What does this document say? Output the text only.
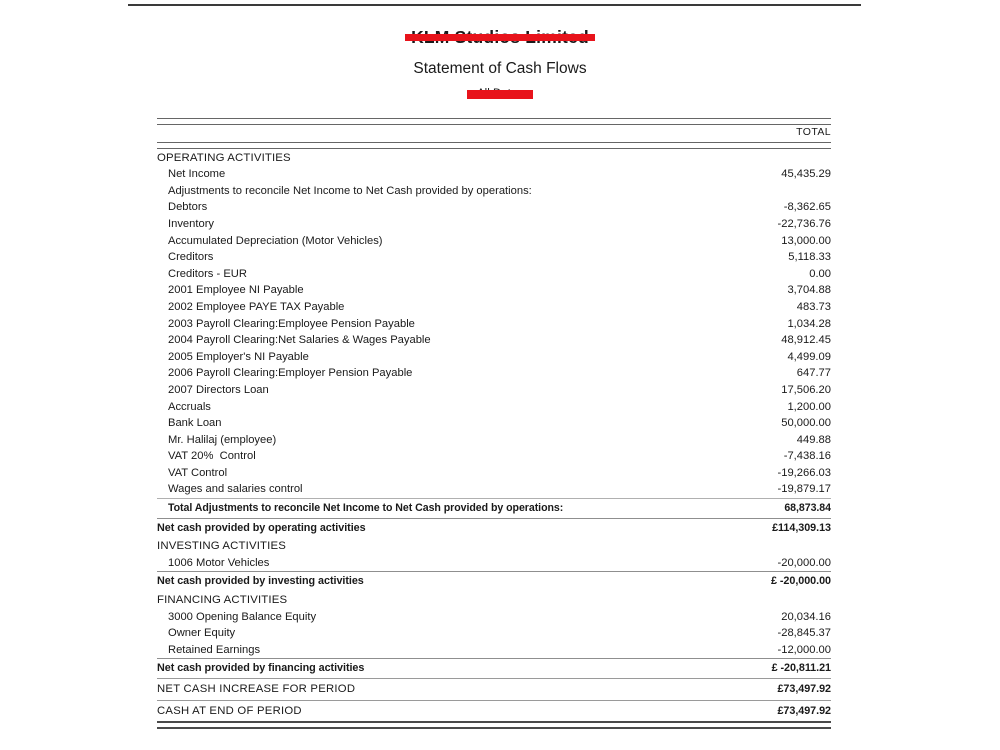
Statement of Cash Flows

	TOTAL

OPERATING ACTIVITIES	
Net Income	45,435.29
Adjustments to reconcile Net Income to Net Cash provided by operations:	
Debtors	-8,362.65
Inventory	-22,736.76
Accumulated Depreciation (Motor Vehicles)	13,000.00
Creditors	5,118.33
Creditors - EUR	0.00
2001 Employee NI Payable	3,704.88
2002 Employee PAYE TAX Payable	483.73
2003 Payroll Clearing:Employee Pension Payable	1,034.28
2004 Payroll Clearing:Net Salaries & Wages Payable	48,912.45
2005 Employer's NI Payable	4,499.09
2006 Payroll Clearing:Employer Pension Payable	647.77
2007 Directors Loan	17,506.20
Accruals	1,200.00
Bank Loan	50,000.00
Mr. Halilaj (employee)	449.88
VAT 20%  Control	-7,438.16
VAT Control	-19,266.03
Wages and salaries control	-19,879.17
Total Adjustments to reconcile Net Income to Net Cash provided by operations:	68,873.84
Net cash provided by operating activities	£114,309.13
INVESTING ACTIVITIES	
1006 Motor Vehicles	-20,000.00
Net cash provided by investing activities	£ -20,000.00
FINANCING ACTIVITIES	
3000 Opening Balance Equity	20,034.16
Owner Equity	-28,845.37
Retained Earnings	-12,000.00
Net cash provided by financing activities	£ -20,811.21
NET CASH INCREASE FOR PERIOD	£73,497.92
CASH AT END OF PERIOD	£73,497.92
